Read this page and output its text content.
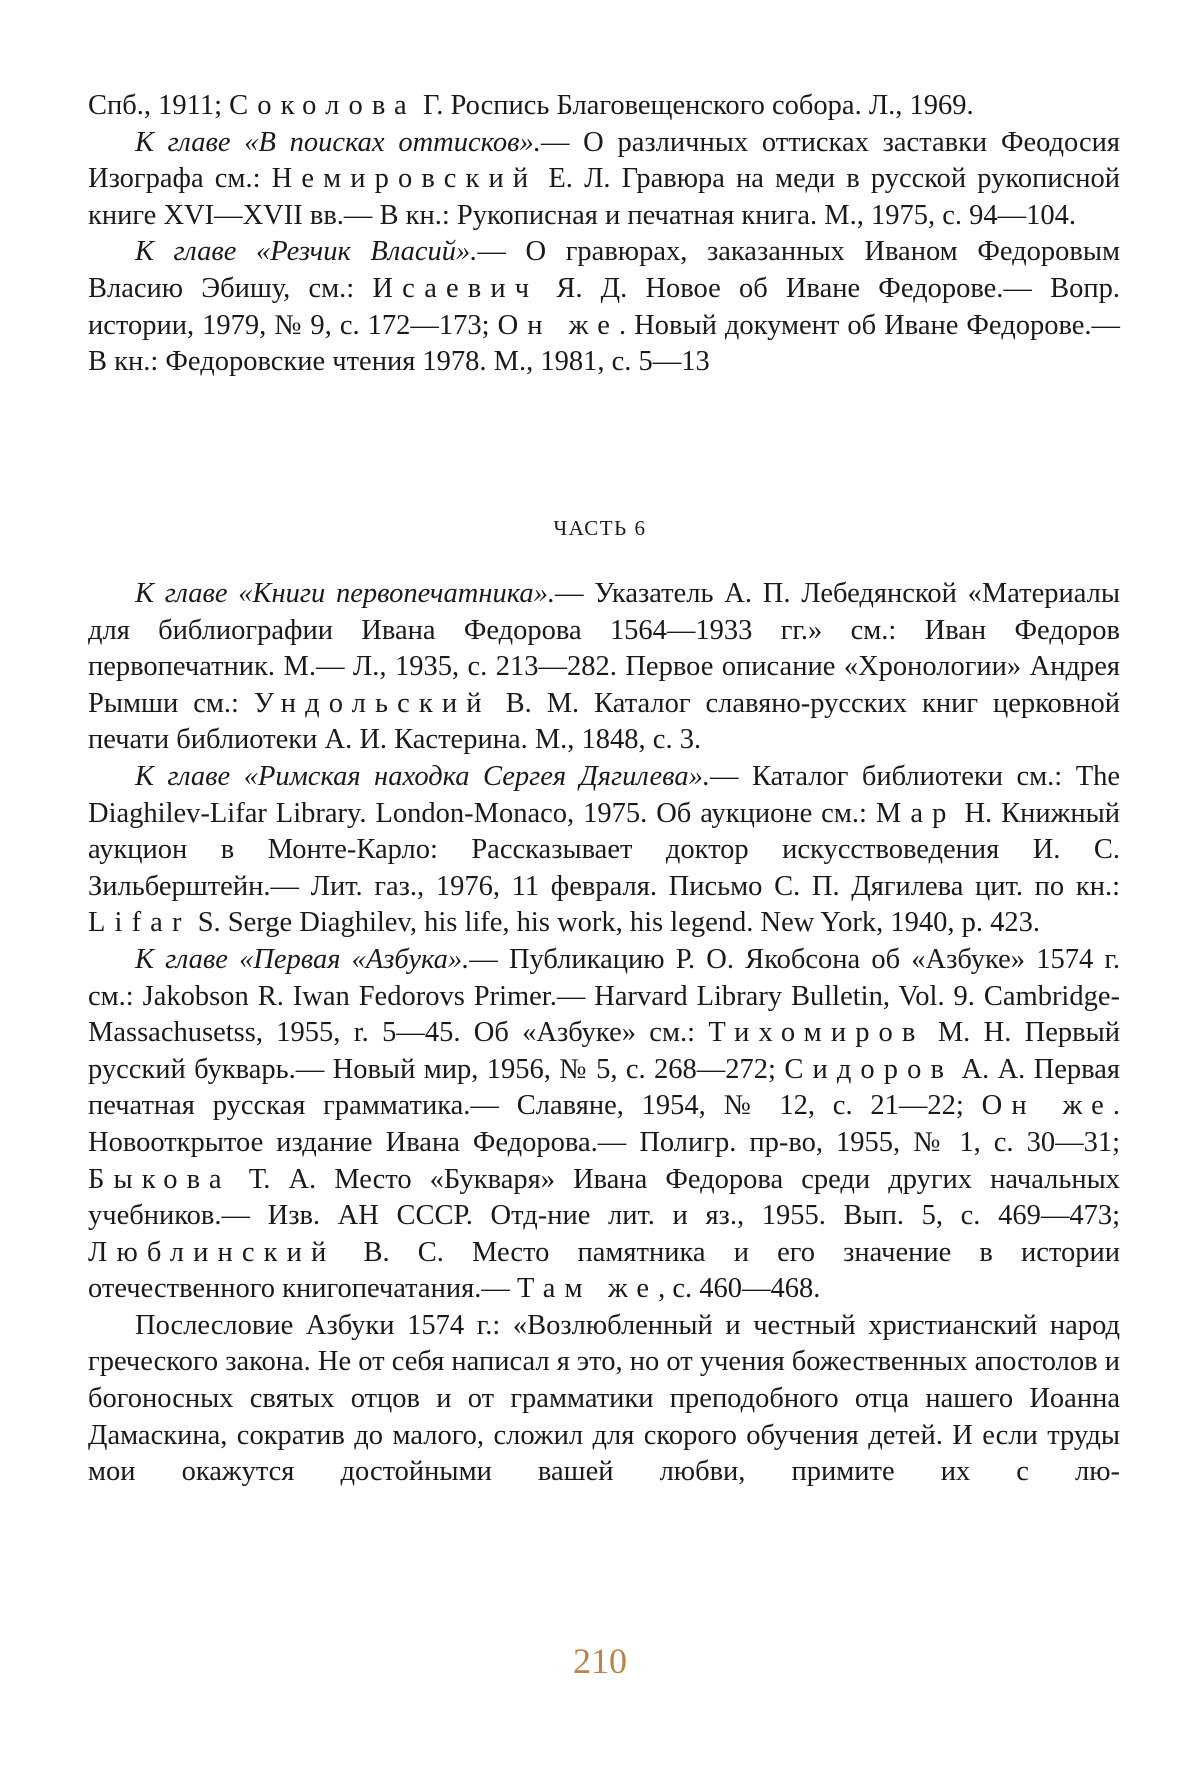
Спб., 1911; Соколова Г. Роспись Благовещенского собора. Л., 1969.

К главе «В поисках оттисков».— О различных оттисках заставки Феодосия Изографа см.: Немировский Е. Л. Гравюра на меди в русской рукописной книге XVI—XVII вв.— В кн.: Рукописная и печатная книга. М., 1975, с. 94—104.

К главе «Резчик Власий».— О гравюрах, заказанных Иваном Федоровым Власию Эбишу, см.: Исаевич Я. Д. Новое об Иване Федорове.— Вопр. истории, 1979, № 9, с. 172—173; Он же. Новый документ об Иване Федорове.— В кн.: Федоровские чтения 1978. М., 1981, с. 5—13

ЧАСТЬ 6

К главе «Книги первопечатника».— Указатель А. П. Лебедянской «Материалы для библиографии Ивана Федорова 1564—1933 гг.» см.: Иван Федоров первопечатник. М.— Л., 1935, с. 213—282. Первое описание «Хронологии» Андрея Рымши см.: Ундольский В. М. Каталог славяно-русских книг церковной печати библиотеки А. И. Кастерина. М., 1848, с. 3.

К главе «Римская находка Сергея Дягилева».— Каталог библиотеки см.: The Diaghilev-Lifar Library. London-Monaco, 1975. Об аукционе см.: Мар Н. Книжный аукцион в Монте-Карло: Рассказывает доктор искусствоведения И. С. Зильберштейн.— Лит. газ., 1976, 11 февраля. Письмо С. П. Дягилева цит. по кн.: Lifar S. Serge Diaghilev, his life, his work, his legend. New York, 1940, p. 423.

К главе «Первая «Азбука».— Публикацию Р. О. Якобсона об «Азбуке» 1574 г. см.: Jakobson R. Iwan Fedorovs Primer.— Harvard Library Bulletin, Vol. 9. Cambridge-Massachusetss, 1955, r. 5—45. Об «Азбуке» см.: Тихомиров М. Н. Первый русский букварь.— Новый мир, 1956, № 5, с. 268—272; Сидоров А. А. Первая печатная русская грамматика.— Славяне, 1954, № 12, с. 21—22; Он же. Новооткрытое издание Ивана Федорова.— Полигр. пр-во, 1955, № 1, с. 30—31; Быкова Т. А. Место «Букваря» Ивана Федорова среди других начальных учебников.— Изв. АН СССР. Отд-ние лит. и яз., 1955. Вып. 5, с. 469—473; Люблинский В. С. Место памятника и его значение в истории отечественного книгопечатания.— Там же, с. 460—468.

Послесловие Азбуки 1574 г.: «Возлюбленный и честный христианский народ греческого закона. Не от себя написал я это, но от учения божественных апостолов и богоносных святых отцов и от грамматики преподобного отца нашего Иоанна Дамаскина, сократив до малого, сложил для скорого обучения детей. И если труды мои окажутся достойными вашей любви, примите их с лю-

210
